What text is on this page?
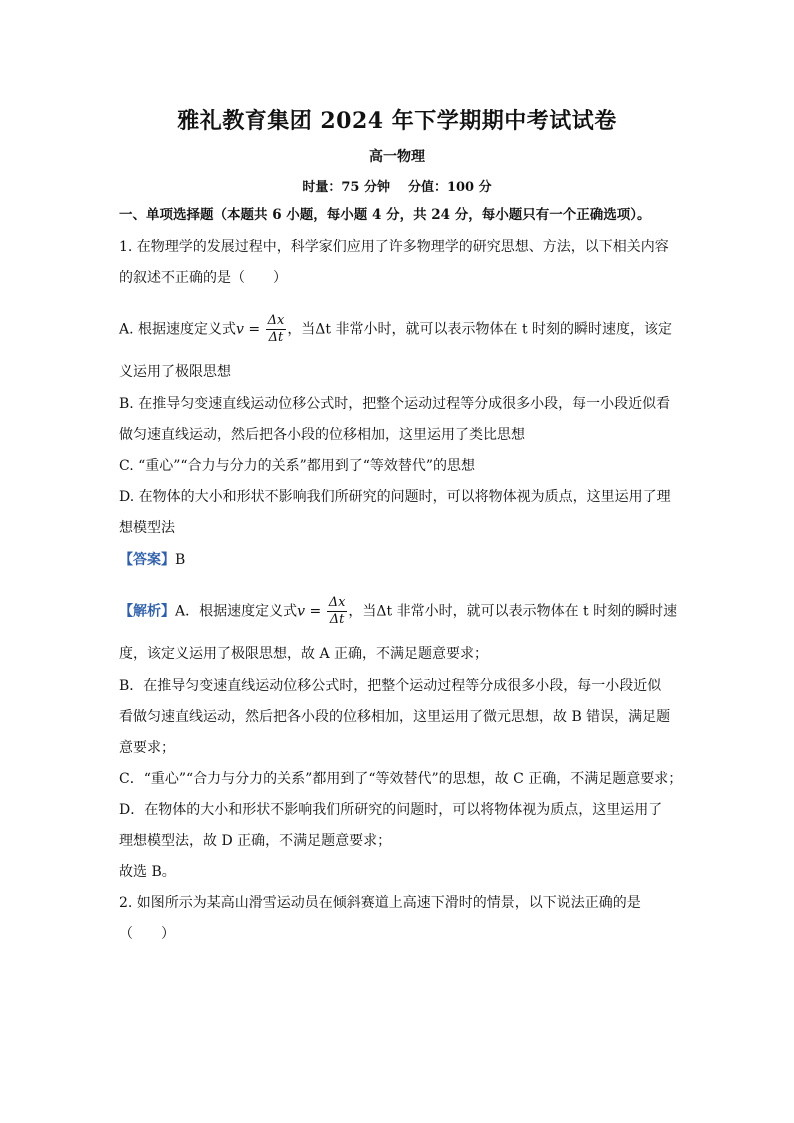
雅礼教育集团 2024 年下学期期中考试试卷
高一物理
时量：75 分钟 分值：100 分
一、单项选择题（本题共 6 小题，每小题 4 分，共 24 分，每小题只有一个正确选项）。
1. 在物理学的发展过程中，科学家们应用了许多物理学的研究思想、方法，以下相关内容
的叙述不正确的是（　　）
A. 根据速度定义式$v = \frac{\Delta x}{\Delta t}$ ，当Δt 非常小时，就可以表示物体在 t 时刻的瞬时速度，该定
义运用了极限思想
B. 在推导匀变速直线运动位移公式时，把整个运动过程等分成很多小段，每一小段近似看
做匀速直线运动，然后把各小段的位移相加，这里运用了类比思想
C. “重心”“合力与分力的关系”都用到了“等效替代”的思想
D. 在物体的大小和形状不影响我们所研究的问题时，可以将物体视为质点，这里运用了理
想模型法
【答案】B
【解析】A．根据速度定义式$v = \frac{\Delta x}{\Delta t}$ ，当Δt 非常小时，就可以表示物体在 t 时刻的瞬时速
度，该定义运用了极限思想，故 A 正确，不满足题意要求；
B．在推导匀变速直线运动位移公式时，把整个运动过程等分成很多小段，每一小段近似
看做匀速直线运动，然后把各小段的位移相加，这里运用了微元思想，故 B 错误，满足题
意要求；
C．“重心”“合力与分力的关系”都用到了“等效替代”的思想，故 C 正确，不满足题意要求；
D．在物体的大小和形状不影响我们所研究的问题时，可以将物体视为质点，这里运用了
理想模型法，故 D 正确，不满足题意要求；
故选 B。
2. 如图所示为某高山滑雪运动员在倾斜赛道上高速下滑时的情景，以下说法正确的是
（　　）
